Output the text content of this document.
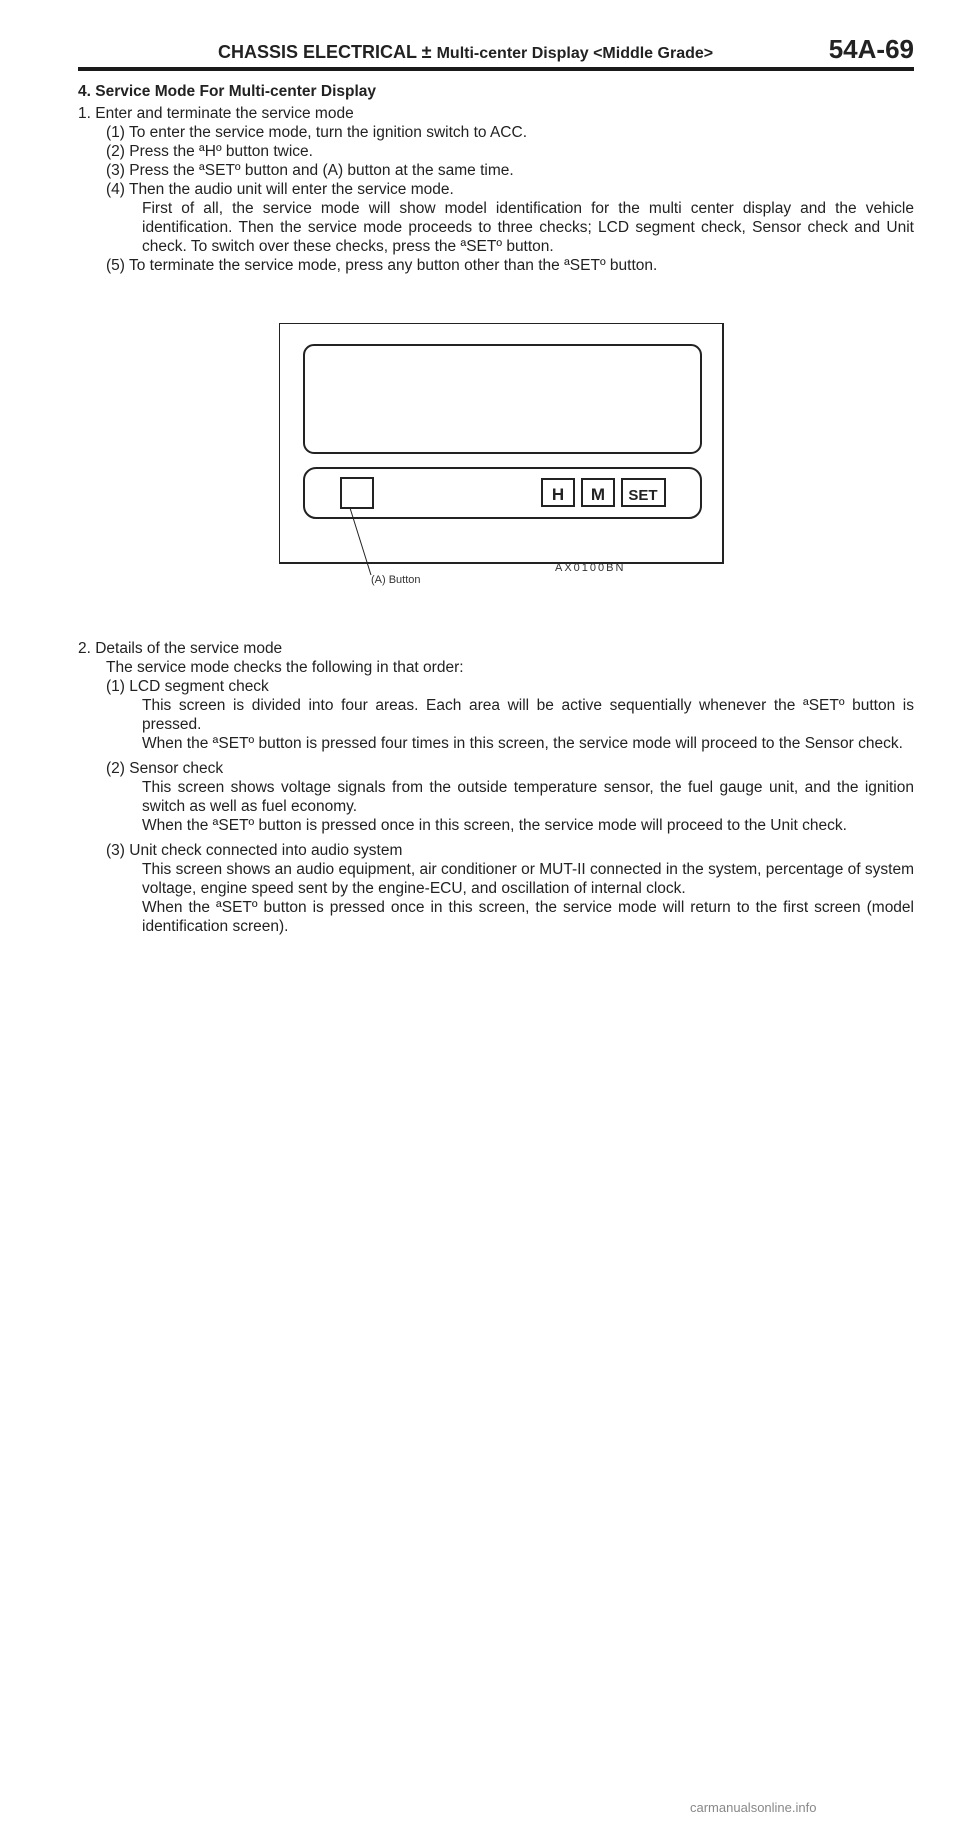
CHASSIS ELECTRICAL ± Multi-center Display <Middle Grade>	54A-69

4. Service Mode For Multi-center Display

1. Enter and terminate the service mode

(1) To enter the service mode, turn the ignition switch to ACC.

(2) Press the ªHº button twice.

(3) Press the ªSETº button and (A) button at the same time.

(4) Then the audio unit will enter the service mode.

First of all, the service mode will show model identification for the multi center display and the vehicle identification. Then the service mode proceeds to three checks; LCD segment check, Sensor check and Unit check. To switch over these checks, press the ªSETº button.

(5) To terminate the service mode, press any button other than the ªSETº button.

H M SET
AX0100BN
(A) Button

2. Details of the service mode

The service mode checks the following in that order:

(1) LCD segment check

This screen is divided into four areas. Each area will be active sequentially whenever the ªSETº button is pressed.

When the ªSETº button is pressed four times in this screen, the service mode will proceed to the Sensor check.

(2) Sensor check

This screen shows voltage signals from the outside temperature sensor, the fuel gauge unit, and the ignition switch as well as fuel economy.

When the ªSETº button is pressed once in this screen, the service mode will proceed to the Unit check.

(3) Unit check connected into audio system

This screen shows an audio equipment, air conditioner or MUT-II connected in the system, percentage of system voltage, engine speed sent by the engine-ECU, and oscillation of internal clock.

When the ªSETº button is pressed once in this screen, the service mode will return to the first screen (model identification screen).

carmanualsonline.info
